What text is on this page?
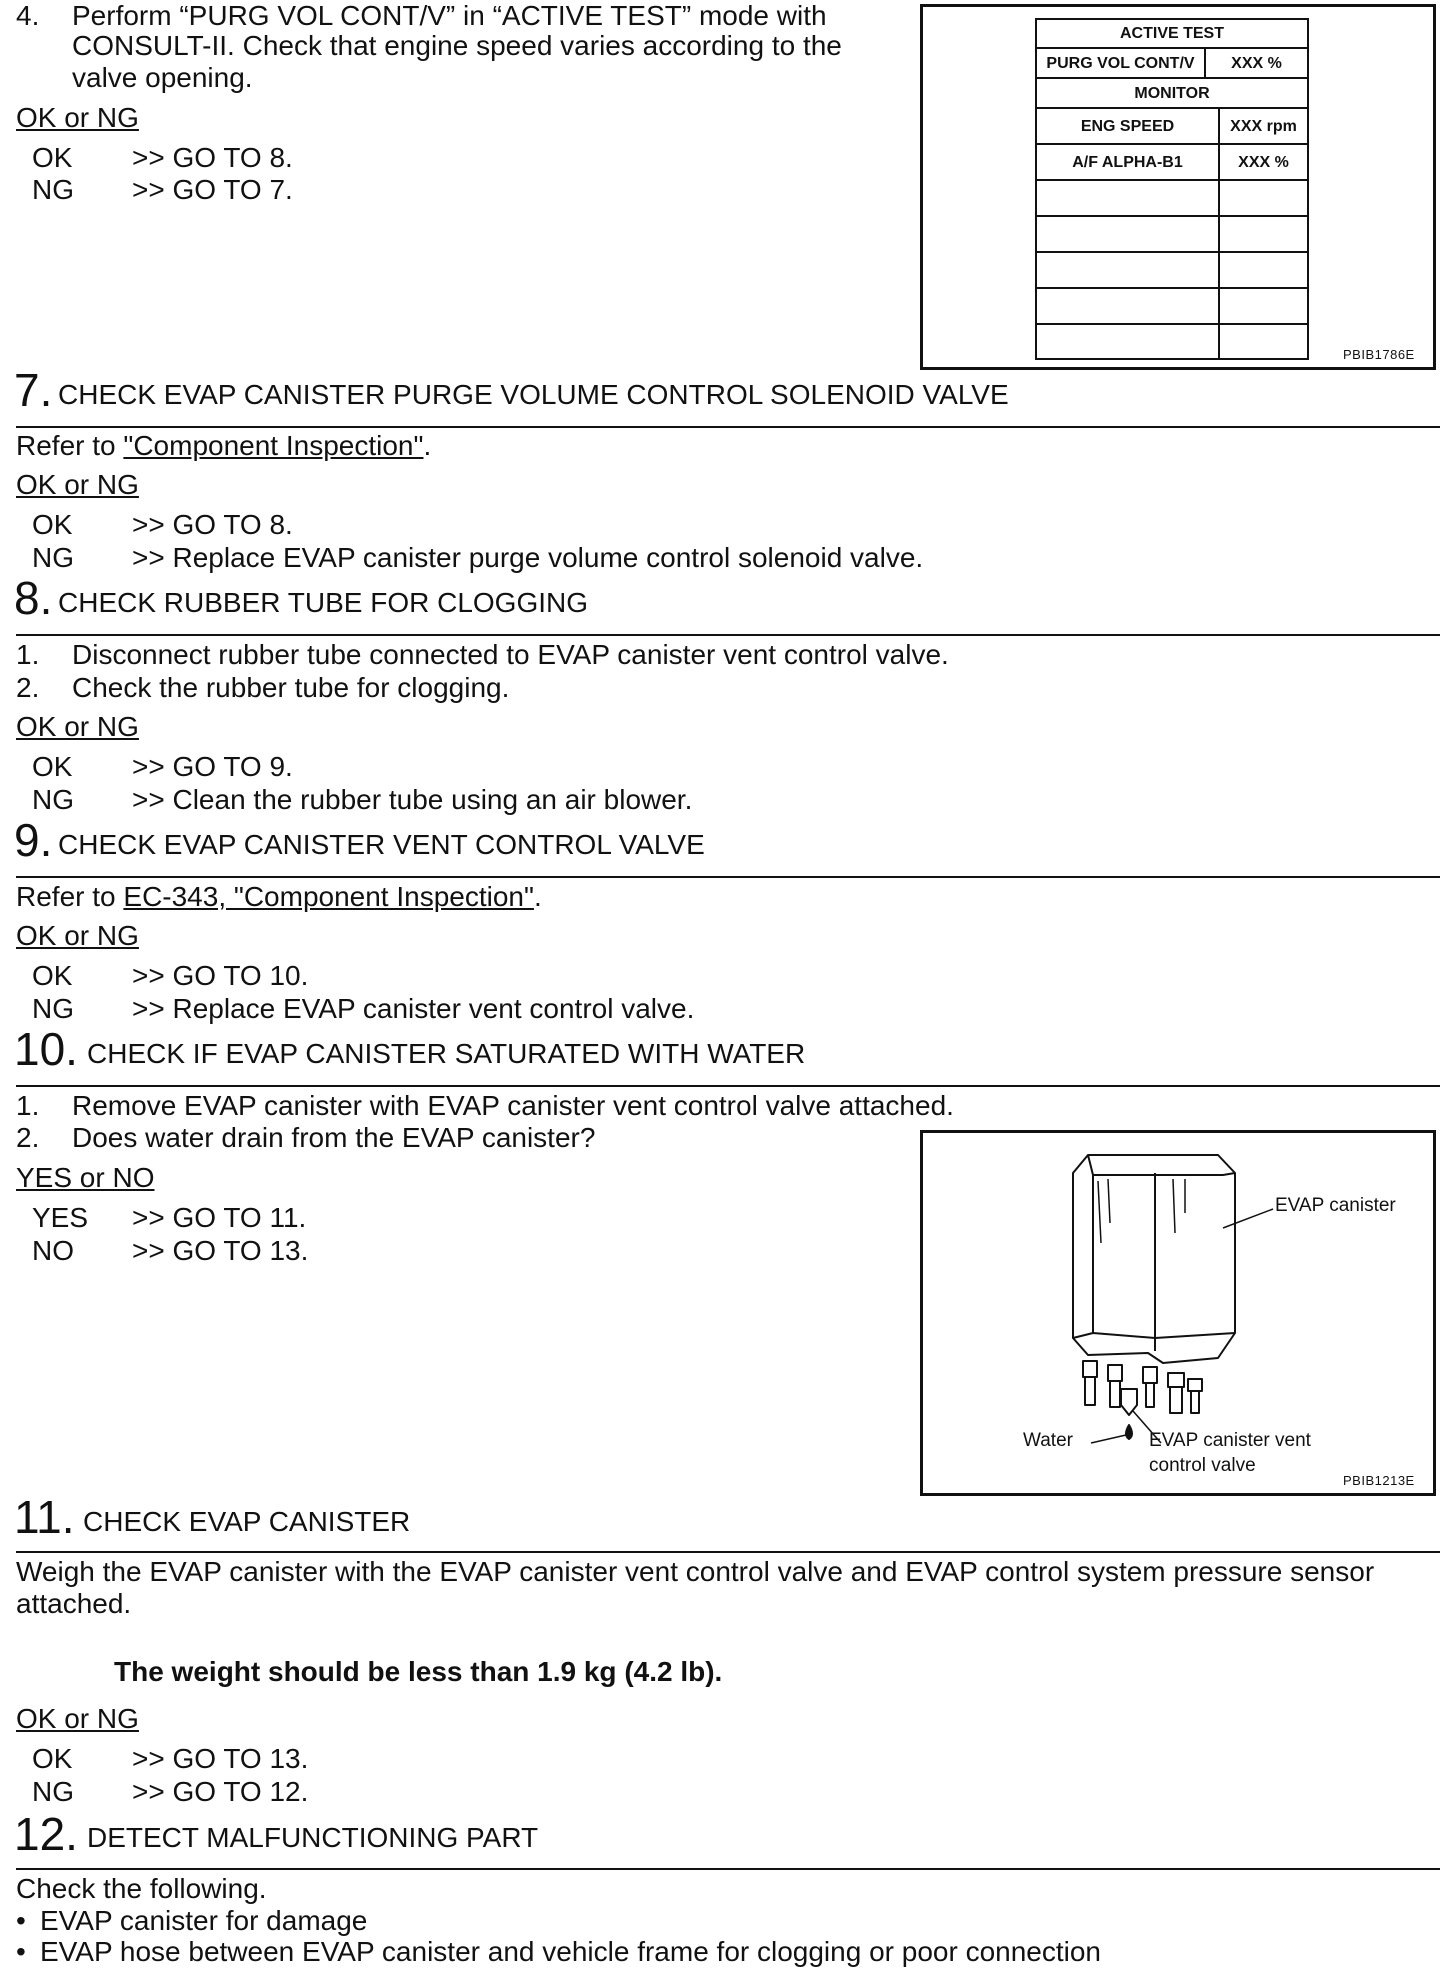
4. Perform “PURG VOL CONT/V” in “ACTIVE TEST” mode with
CONSULT-II. Check that engine speed varies according to the
valve opening.
OK or NG
OK >> GO TO 8.
NG >> GO TO 7.
ACTIVE TEST
PURG VOL CONT/V	XXX %
MONITOR
ENG SPEED	XXX rpm
A/F ALPHA-B1	XXX %
PBIB1786E
7. CHECK EVAP CANISTER PURGE VOLUME CONTROL SOLENOID VALVE
Refer to "Component Inspection".
OK or NG
OK >> GO TO 8.
NG >> Replace EVAP canister purge volume control solenoid valve.
8. CHECK RUBBER TUBE FOR CLOGGING
1. Disconnect rubber tube connected to EVAP canister vent control valve.
2. Check the rubber tube for clogging.
OK or NG
OK >> GO TO 9.
NG >> Clean the rubber tube using an air blower.
9. CHECK EVAP CANISTER VENT CONTROL VALVE
Refer to EC-343, "Component Inspection".
OK or NG
OK >> GO TO 10.
NG >> Replace EVAP canister vent control valve.
10. CHECK IF EVAP CANISTER SATURATED WITH WATER
1. Remove EVAP canister with EVAP canister vent control valve attached.
2. Does water drain from the EVAP canister?
YES or NO
YES >> GO TO 11.
NO >> GO TO 13.
EVAP canister
Water	EVAP canister vent
control valve
PBIB1213E
11. CHECK EVAP CANISTER
Weigh the EVAP canister with the EVAP canister vent control valve and EVAP control system pressure sensor
attached.
The weight should be less than 1.9 kg (4.2 lb).
OK or NG
OK >> GO TO 13.
NG >> GO TO 12.
12. DETECT MALFUNCTIONING PART
Check the following.
• EVAP canister for damage
• EVAP hose between EVAP canister and vehicle frame for clogging or poor connection
